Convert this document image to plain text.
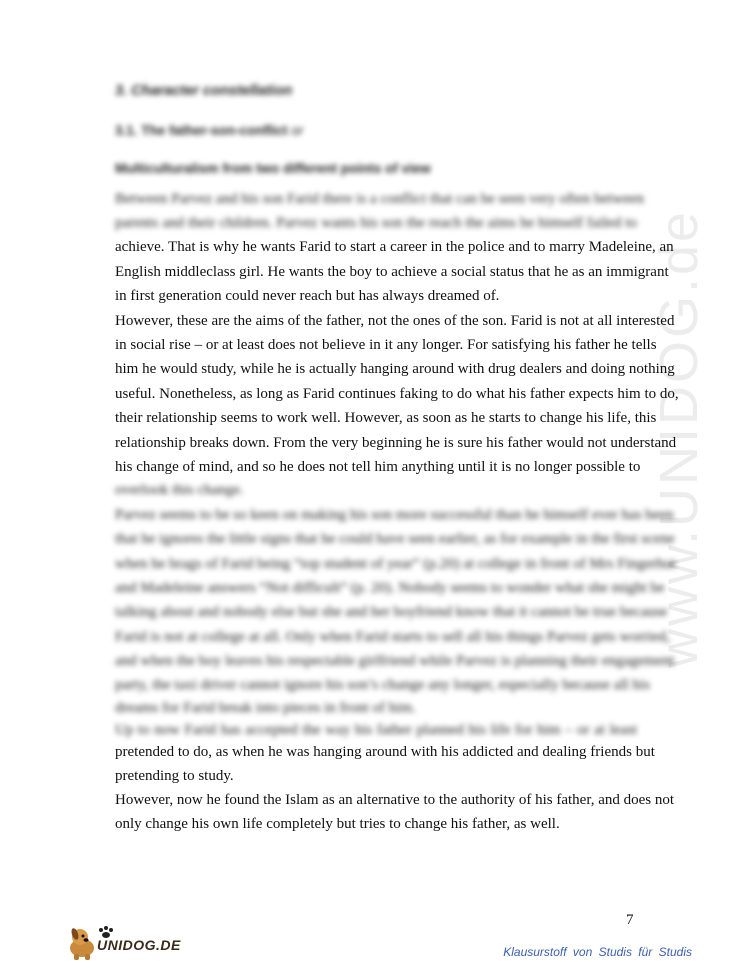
www.UNIDOG.de
3. Character constellation
3.1. The father-son-conflict or
Multiculturalism from two different points of view
Between Parvez and his son Farid there is a conflict that can be seen very often between
parents and their children. Parvez wants his son the reach the aims he himself failed to
achieve. That is why he wants Farid to start a career in the police and to marry Madeleine, an
English middleclass girl. He wants the boy to achieve a social status that he as an immigrant
in first generation could never reach but has always dreamed of.
However, these are the aims of the father, not the ones of the son. Farid is not at all interested
in social rise – or at least does not believe in it any longer. For satisfying his father he tells
him he would study, while he is actually hanging around with drug dealers and doing nothing
useful. Nonetheless, as long as Farid continues faking to do what his father expects him to do,
their relationship seems to work well. However, as soon as he starts to change his life, this
relationship breaks down. From the very beginning he is sure his father would not understand
his change of mind, and so he does not tell him anything until it is no longer possible to
overlook this change.
Parvez seems to be so keen on making his son more successful than he himself ever has been
that he ignores the little signs that he could have seen earlier, as for example in the first scene
when he brags of Farid being “top student of year” (p.20) at college in front of Mrs Fingerhut
and Madeleine answers “Not difficult” (p. 20). Nobody seems to wonder what she might be
talking about and nobody else but she and her boyfriend know that it cannot be true because
Farid is not at college at all. Only when Farid starts to sell all his things Parvez gets worried,
and when the boy leaves his respectable girlfriend while Parvez is planning their engagement
party, the taxi driver cannot ignore his son’s change any longer, especially because all his
dreams for Farid break into pieces in front of him.
Up to now Farid has accepted the way his father planned his life for him – or at least
pretended to do, as when he was hanging around with his addicted and dealing friends but
pretending to study.
However, now he found the Islam as an alternative to the authority of his father, and does not
only change his own life completely but tries to change his father, as well.
7
UNIDOG.DE	Klausurstoff von Studis für Studis
